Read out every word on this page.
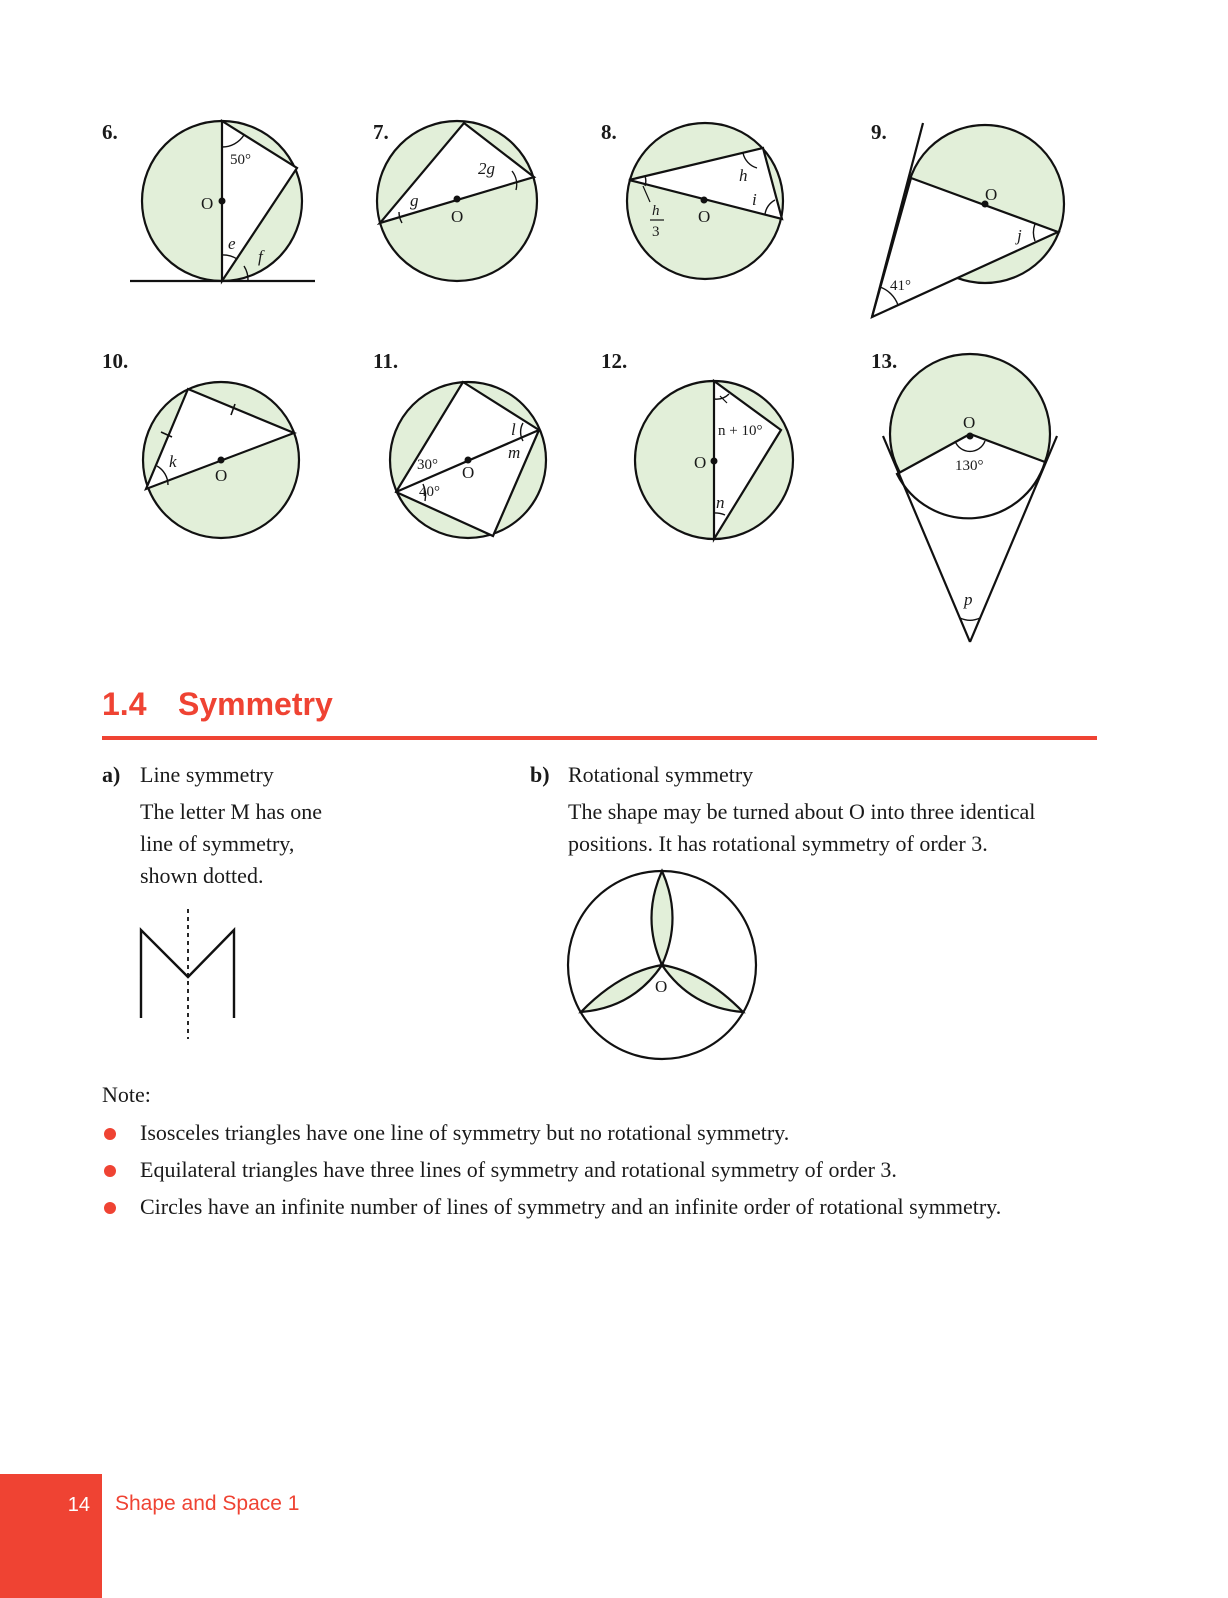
6.	7.	8.	9.
10.	11.	12.	13.
50°
O
e
f
2g
g
O
h
i
h
3
O
O
j
41°
k
O
l
m
30°
40°
O
n + 10°
O
n
O
130°
p
1.4 Symmetry
a) Line symmetry
The letter M has one
line of symmetry,
shown dotted.
b) Rotational symmetry
The shape may be turned about O into three identical
positions. It has rotational symmetry of order 3.
O
Note:
Isosceles triangles have one line of symmetry but no rotational symmetry.
Equilateral triangles have three lines of symmetry and rotational symmetry of order 3.
Circles have an infinite number of lines of symmetry and an infinite order of rotational symmetry.
14	Shape and Space 1
